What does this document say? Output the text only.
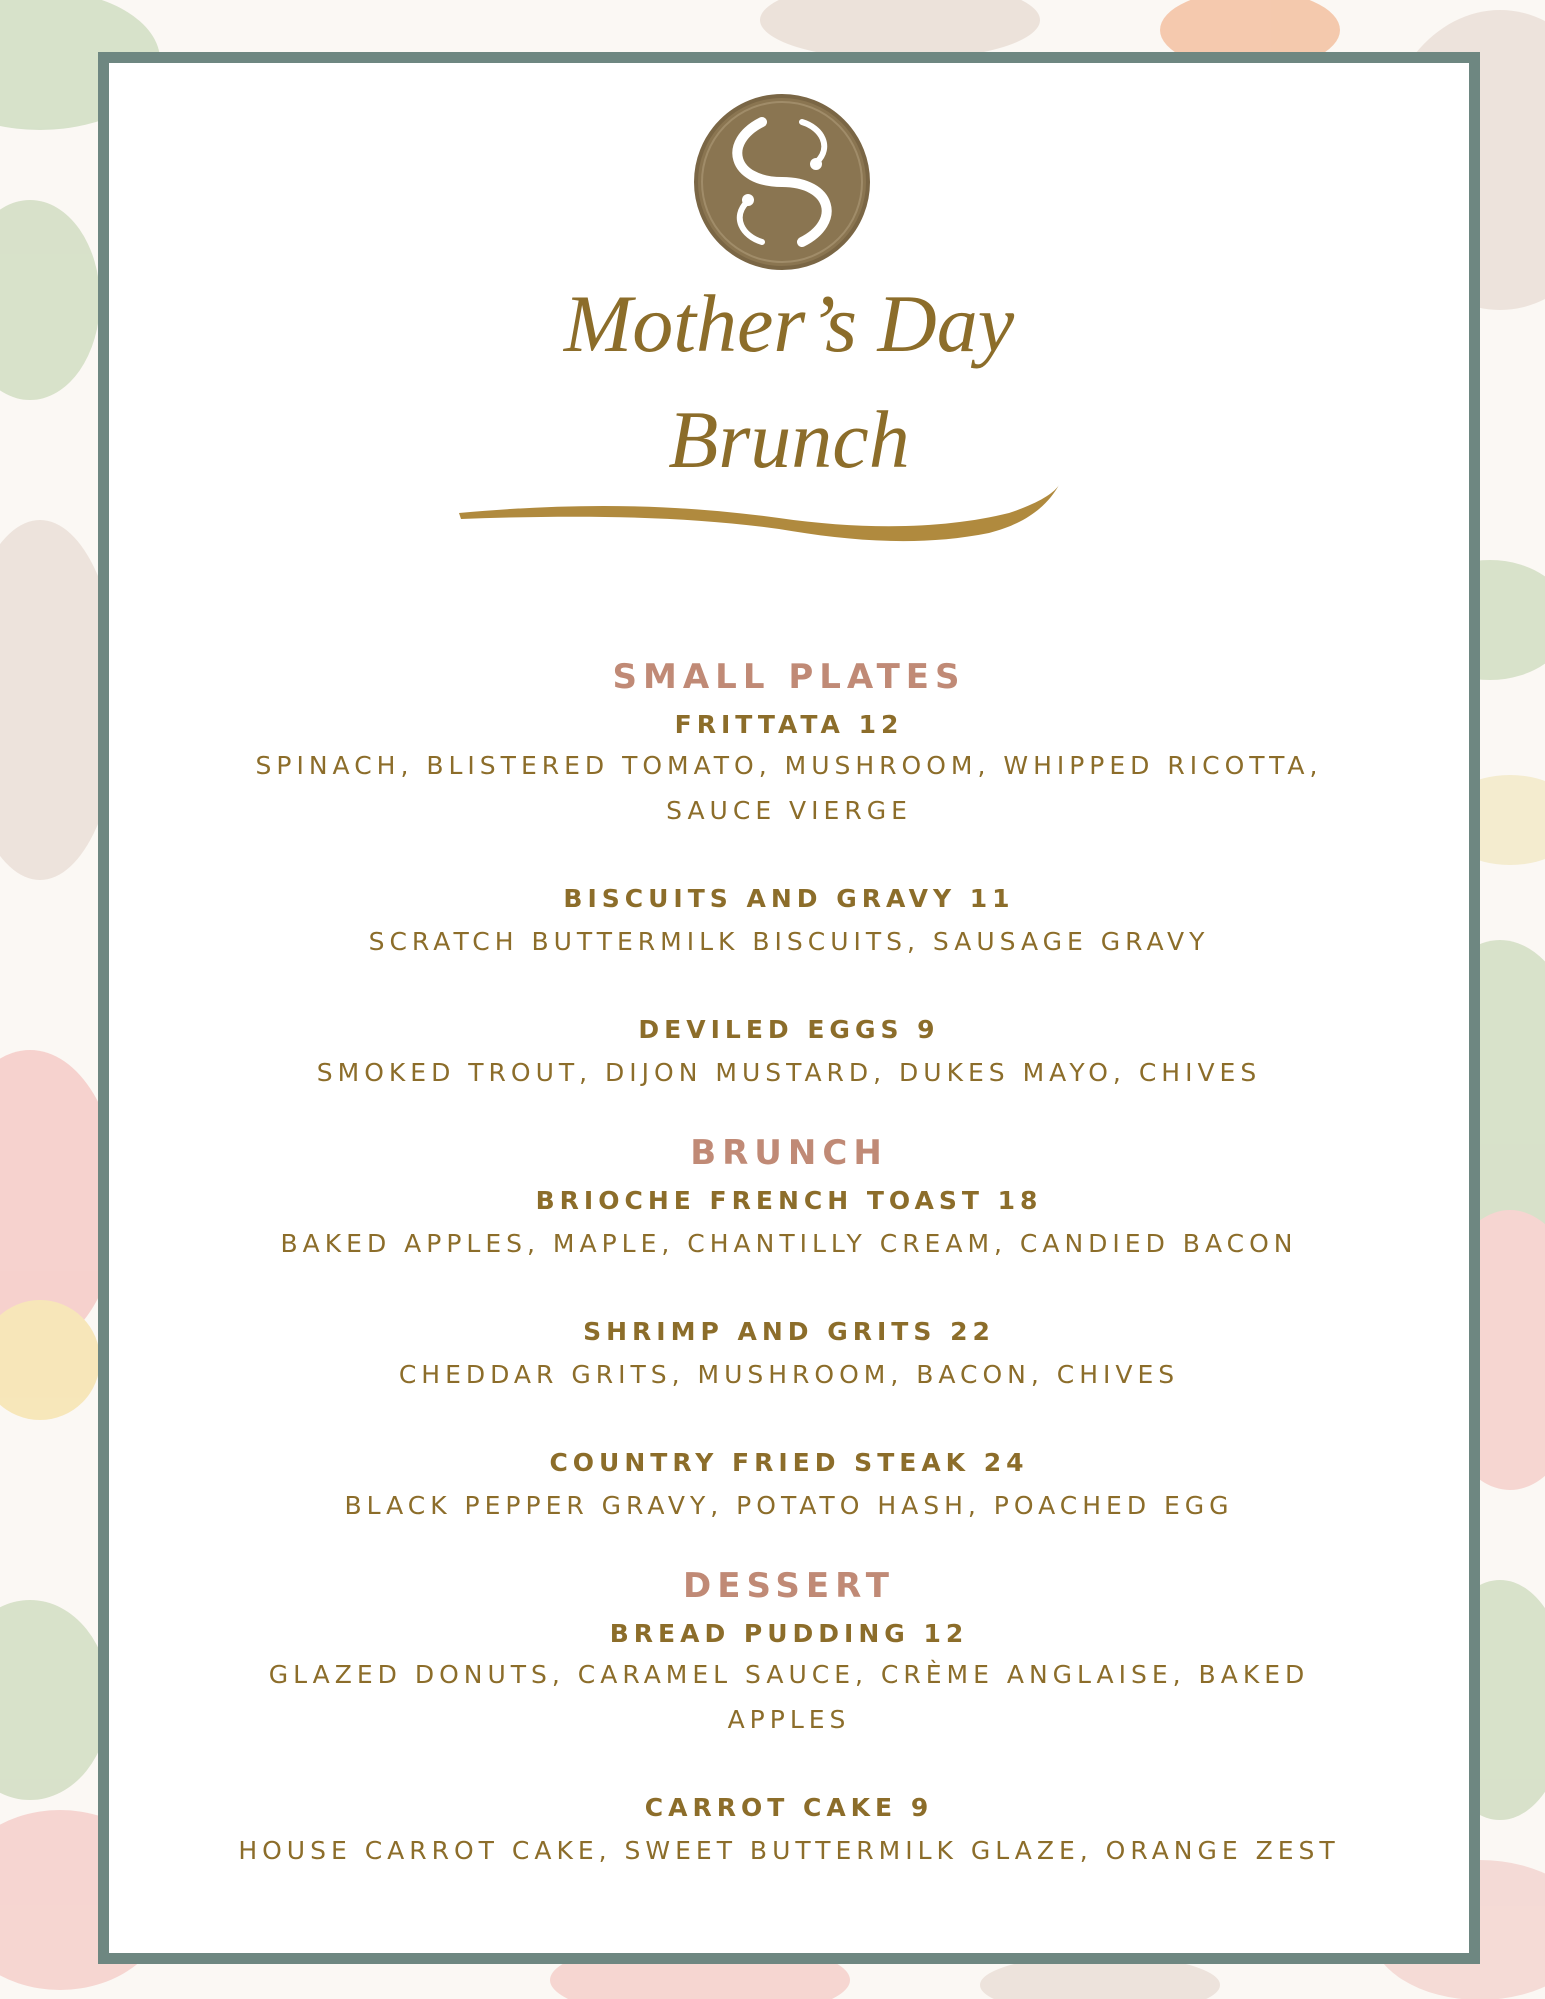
Mother’s Day
Brunch
SMALL PLATES
FRITTATA 12
SPINACH, BLISTERED TOMATO, MUSHROOM, WHIPPED RICOTTA, SAUCE VIERGE
BISCUITS AND GRAVY 11
SCRATCH BUTTERMILK BISCUITS, SAUSAGE GRAVY
DEVILED EGGS 9
SMOKED TROUT, DIJON MUSTARD, DUKES MAYO, CHIVES
BRUNCH
BRIOCHE FRENCH TOAST 18
BAKED APPLES, MAPLE, CHANTILLY CREAM, CANDIED BACON
SHRIMP AND GRITS 22
CHEDDAR GRITS, MUSHROOM, BACON, CHIVES
COUNTRY FRIED STEAK 24
BLACK PEPPER GRAVY, POTATO HASH, POACHED EGG
DESSERT
BREAD PUDDING 12
GLAZED DONUTS, CARAMEL SAUCE, CRÈME ANGLAISE, BAKED APPLES
CARROT CAKE 9
HOUSE CARROT CAKE, SWEET BUTTERMILK GLAZE, ORANGE ZEST
